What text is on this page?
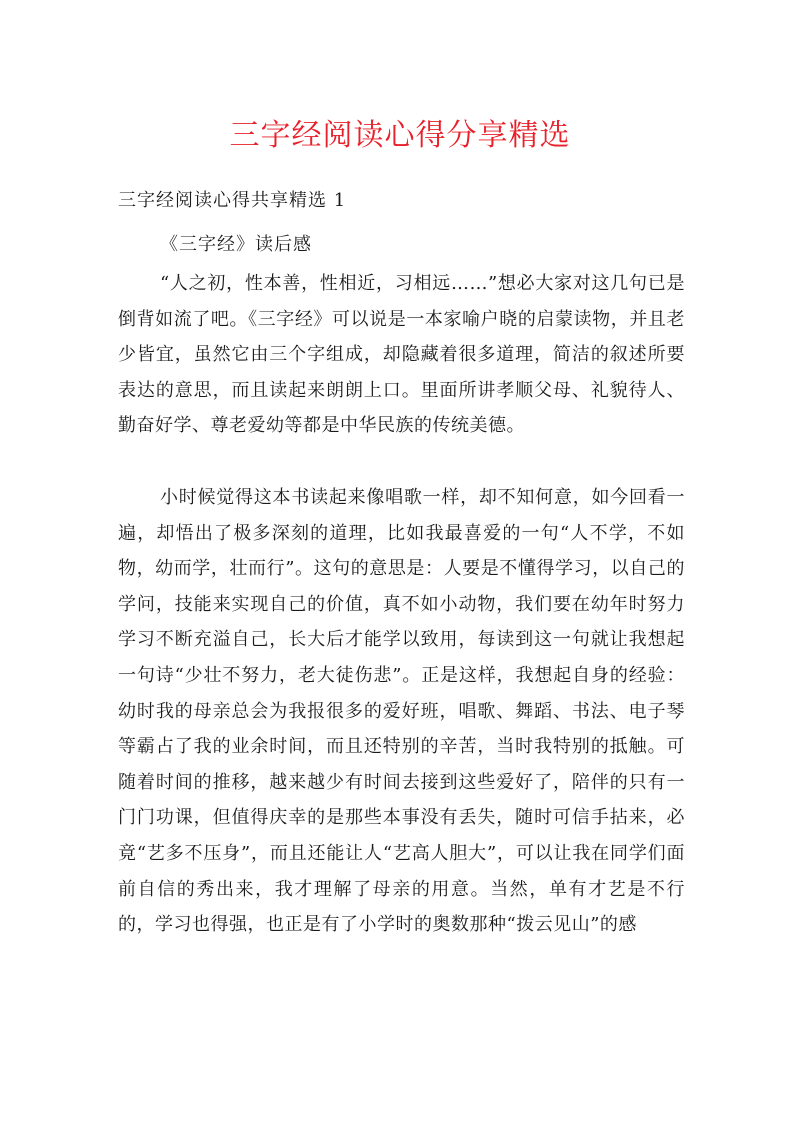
三字经阅读心得分享精选
三字经阅读心得共享精选 1
《三字经》读后感

“人之初，性本善，性相近，习相远……”想必大家对这几句已是倒背如流了吧。《三字经》可以说是一本家喻户晓的启蒙读物，并且老少皆宜，虽然它由三个字组成，却隐藏着很多道理，简洁的叙述所要表达的意思，而且读起来朗朗上口。里面所讲孝顺父母、礼貌待人、勤奋好学、尊老爱幼等都是中华民族的传统美德。

小时候觉得这本书读起来像唱歌一样，却不知何意，如今回看一遍，却悟出了极多深刻的道理，比如我最喜爱的一句“人不学，不如物，幼而学，壮而行”。这句的意思是：人要是不懂得学习，以自己的学问，技能来实现自己的价值，真不如小动物，我们要在幼年时努力学习不断充溢自己，长大后才能学以致用，每读到这一句就让我想起一句诗“少壮不努力，老大徒伤悲”。正是这样，我想起自身的经验：幼时我的母亲总会为我报很多的爱好班，唱歌、舞蹈、书法、电子琴等霸占了我的业余时间，而且还特别的辛苦，当时我特别的抵触。可随着时间的推移，越来越少有时间去接到这些爱好了，陪伴的只有一门门功课，但值得庆幸的是那些本事没有丢失，随时可信手拈来，必竟“艺多不压身”，而且还能让人“艺高人胆大”，可以让我在同学们面前自信的秀出来，我才理解了母亲的用意。当然，单有才艺是不行的，学习也得强，也正是有了小学时的奥数那种“拨云见山”的感
